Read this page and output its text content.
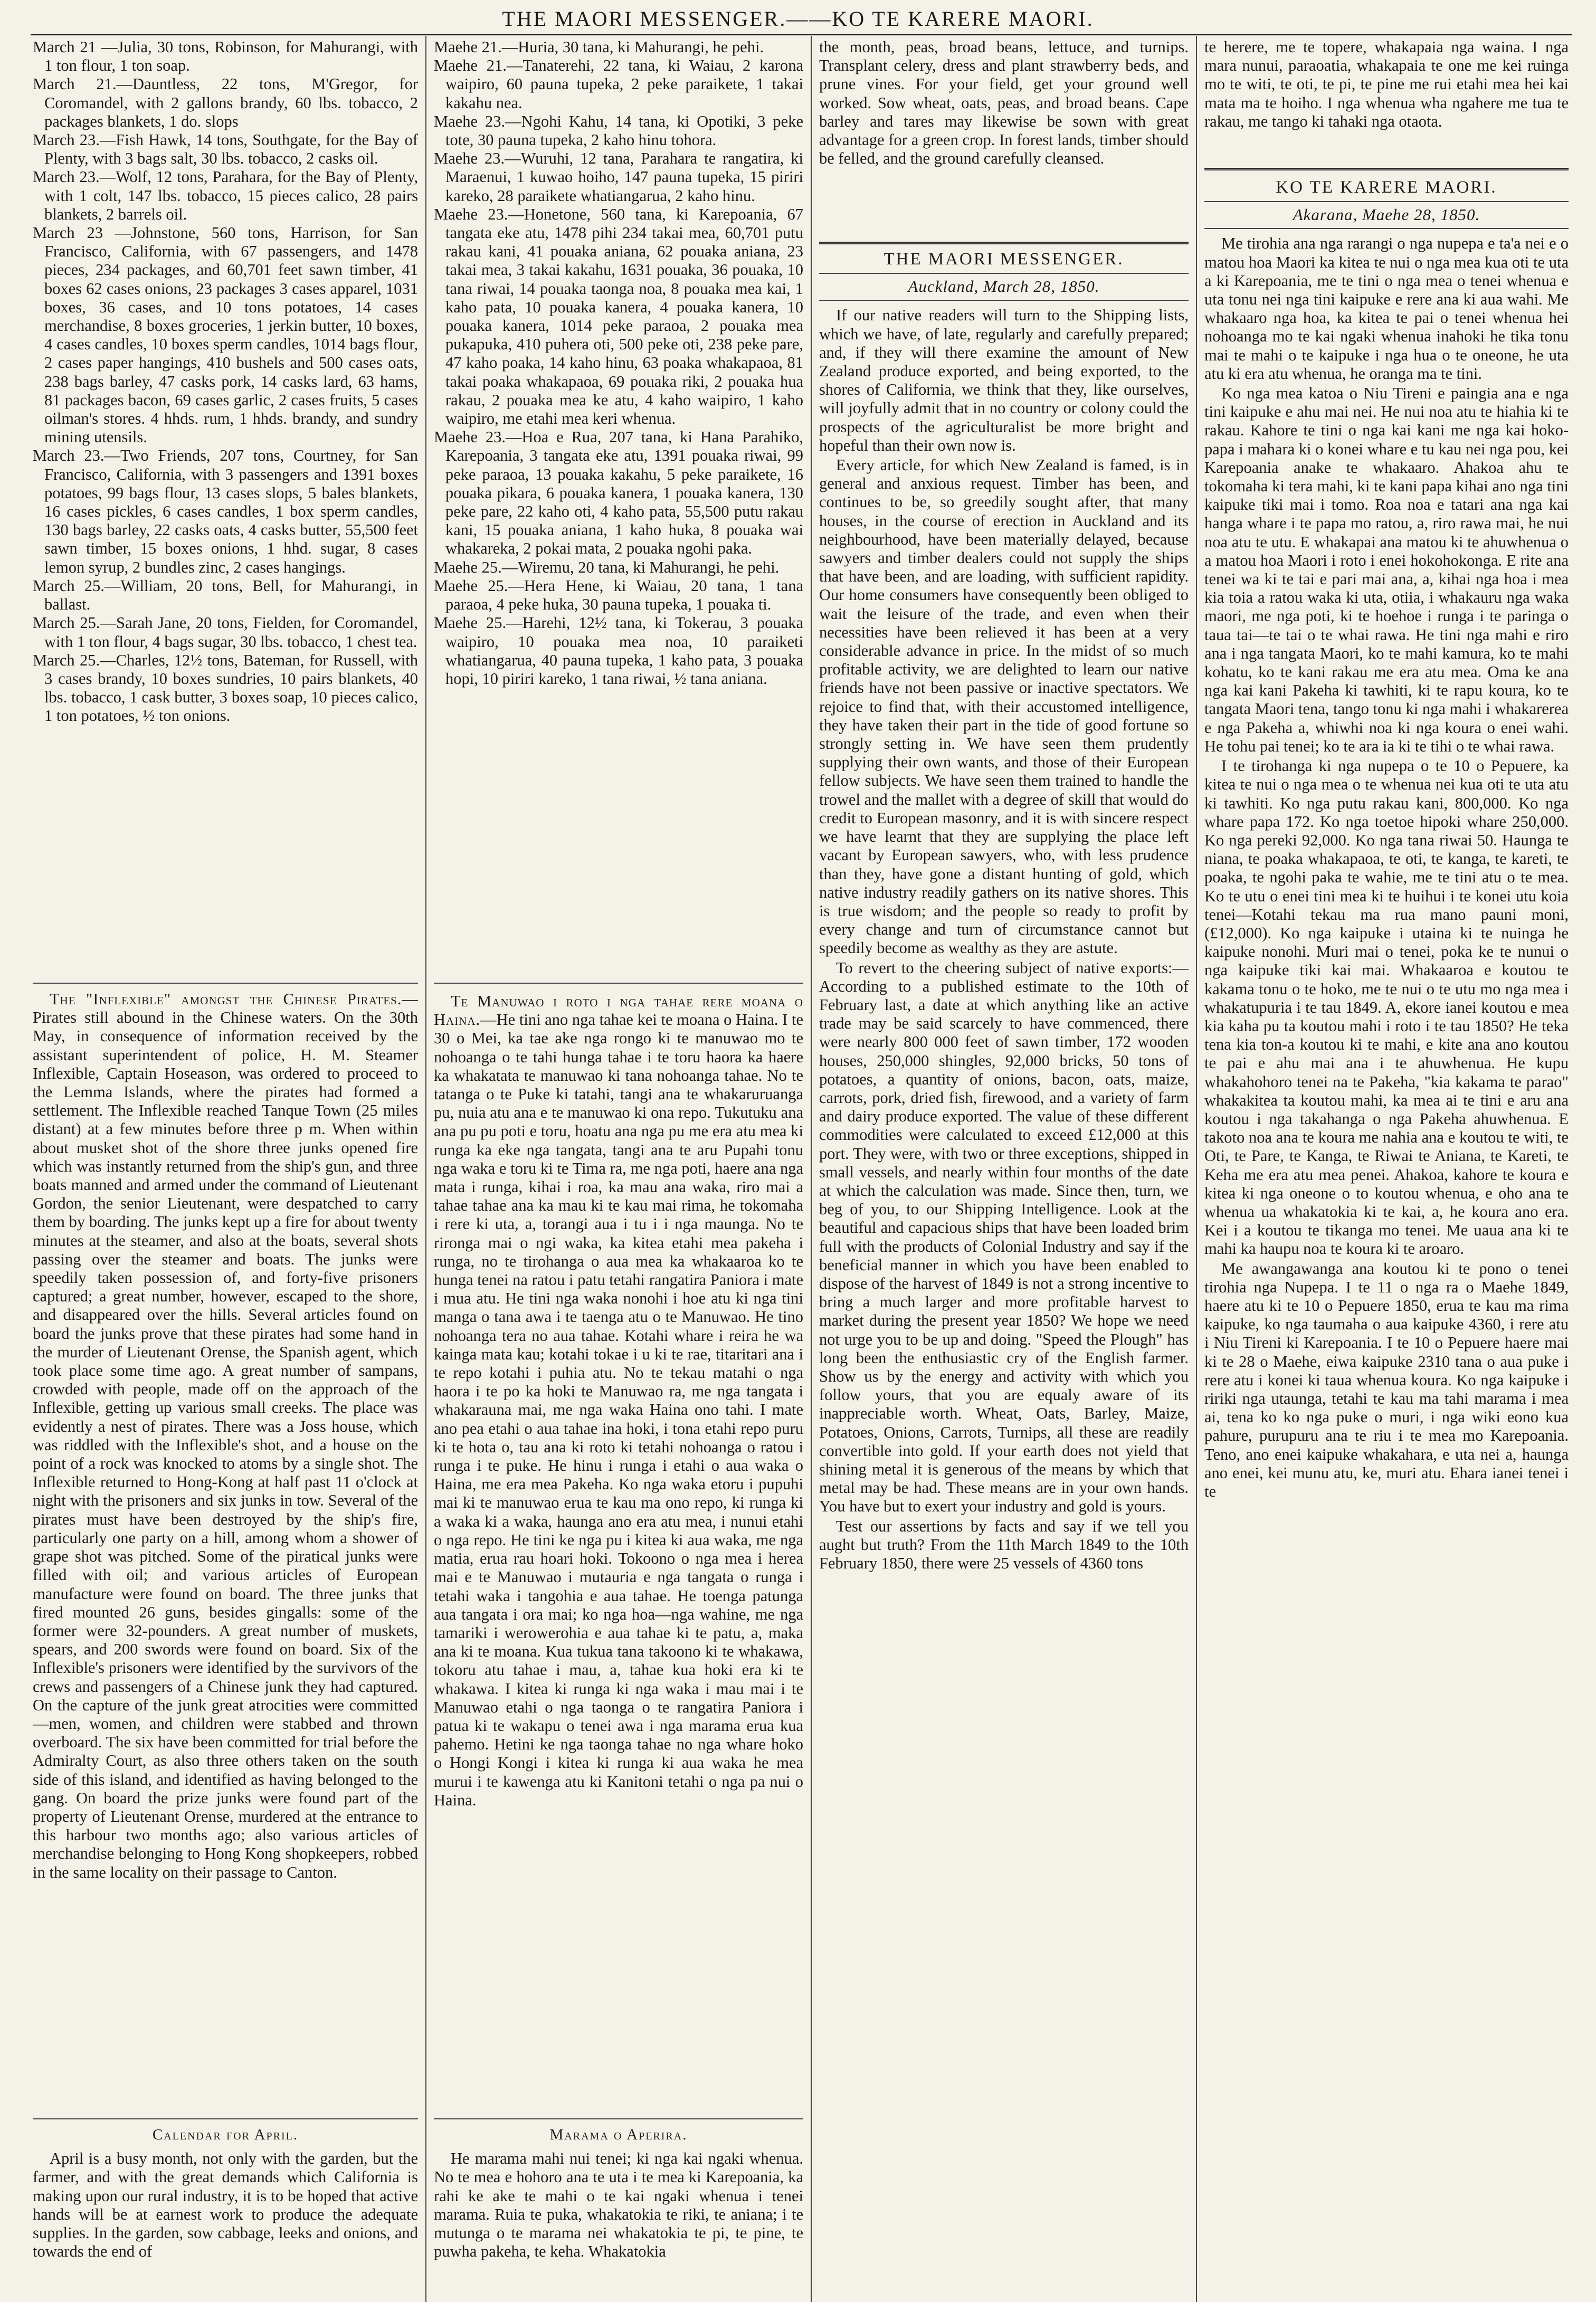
THE MAORI MESSENGER.——KO TE KARERE MAORI.

March 21 —Julia, 30 tons, Robinson, for Mahurangi, with 1 ton flour, 1 ton soap.

March 21.—Dauntless, 22 tons, M'Gregor, for Coromandel, with 2 gallons brandy, 60 lbs. tobacco, 2 packages blankets, 1 do. slops

March 23.—Fish Hawk, 14 tons, Southgate, for the Bay of Plenty, with 3 bags salt, 30 lbs. tobacco, 2 casks oil.

March 23.—Wolf, 12 tons, Parahara, for the Bay of Plenty, with 1 colt, 147 lbs. tobacco, 15 pieces calico, 28 pairs blankets, 2 barrels oil.

March 23 —Johnstone, 560 tons, Harrison, for San Francisco, California, with 67 passengers, and 1478 pieces, 234 packages, and 60,701 feet sawn timber, 41 boxes 62 cases onions, 23 packages 3 cases apparel, 1031 boxes, 36 cases, and 10 tons potatoes, 14 cases merchandise, 8 boxes groceries, 1 jerkin butter, 10 boxes, 4 cases candles, 10 boxes sperm candles, 1014 bags flour, 2 cases paper hangings, 410 bushels and 500 cases oats, 238 bags barley, 47 casks pork, 14 casks lard, 63 hams, 81 packages bacon, 69 cases garlic, 2 cases fruits, 5 cases oilman's stores. 4 hhds. rum, 1 hhds. brandy, and sundry mining utensils.

March 23.—Two Friends, 207 tons, Courtney, for San Francisco, California, with 3 passengers and 1391 boxes potatoes, 99 bags flour, 13 cases slops, 5 bales blankets, 16 cases pickles, 6 cases candles, 1 box sperm candles, 130 bags barley, 22 casks oats, 4 casks butter, 55,500 feet sawn timber, 15 boxes onions, 1 hhd. sugar, 8 cases lemon syrup, 2 bundles zinc, 2 cases hangings.

March 25.—William, 20 tons, Bell, for Mahurangi, in ballast.

March 25.—Sarah Jane, 20 tons, Fielden, for Coromandel, with 1 ton flour, 4 bags sugar, 30 lbs. tobacco, 1 chest tea.

March 25.—Charles, 12½ tons, Bateman, for Russell, with 3 cases brandy, 10 boxes sundries, 10 pairs blankets, 40 lbs. tobacco, 1 cask butter, 3 boxes soap, 10 pieces calico, 1 ton potatoes, ½ ton onions.

The "Inflexible" amongst the Chinese Pirates.—Pirates still abound in the Chinese waters. On the 30th May, in consequence of information received by the assistant superintendent of police, H. M. Steamer Inflexible, Captain Hoseason, was ordered to proceed to the Lemma Islands, where the pirates had formed a settlement. The Inflexible reached Tanque Town (25 miles distant) at a few minutes before three p m. When within about musket shot of the shore three junks opened fire which was instantly returned from the ship's gun, and three boats manned and armed under the command of Lieutenant Gordon, the senior Lieutenant, were despatched to carry them by boarding. The junks kept up a fire for about twenty minutes at the steamer, and also at the boats, several shots passing over the steamer and boats. The junks were speedily taken possession of, and forty-five prisoners captured; a great number, however, escaped to the shore, and disappeared over the hills. Several articles found on board the junks prove that these pirates had some hand in the murder of Lieutenant Orense, the Spanish agent, which took place some time ago. A great number of sampans, crowded with people, made off on the approach of the Inflexible, getting up various small creeks. The place was evidently a nest of pirates. There was a Joss house, which was riddled with the Inflexible's shot, and a house on the point of a rock was knocked to atoms by a single shot. The Inflexible returned to Hong-Kong at half past 11 o'clock at night with the prisoners and six junks in tow. Several of the pirates must have been destroyed by the ship's fire, particularly one party on a hill, among whom a shower of grape shot was pitched. Some of the piratical junks were filled with oil; and various articles of European manufacture were found on board. The three junks that fired mounted 26 guns, besides gingalls: some of the former were 32-pounders. A great number of muskets, spears, and 200 swords were found on board. Six of the Inflexible's prisoners were identified by the survivors of the crews and passengers of a Chinese junk they had captured. On the capture of the junk great atrocities were committed—men, women, and children were stabbed and thrown overboard. The six have been committed for trial before the Admiralty Court, as also three others taken on the south side of this island, and identified as having belonged to the gang. On board the prize junks were found part of the property of Lieutenant Orense, murdered at the entrance to this harbour two months ago; also various articles of merchandise belonging to Hong Kong shopkeepers, robbed in the same locality on their passage to Canton.

Calendar for April.

April is a busy month, not only with the garden, but the farmer, and with the great demands which California is making upon our rural industry, it is to be hoped that active hands will be at earnest work to produce the adequate supplies. In the garden, sow cabbage, leeks and onions, and towards the end of

Maehe 21.—Huria, 30 tana, ki Mahurangi, he pehi.

Maehe 21.—Tanaterehi, 22 tana, ki Waiau, 2 karona waipiro, 60 pauna tupeka, 2 peke paraikete, 1 takai kakahu nea.

Maehe 23.—Ngohi Kahu, 14 tana, ki Opotiki, 3 peke tote, 30 pauna tupeka, 2 kaho hinu tohora.

Maehe 23.—Wuruhi, 12 tana, Parahara te rangatira, ki Maraenui, 1 kuwao hoiho, 147 pauna tupeka, 15 piriri kareko, 28 paraikete whatiangarua, 2 kaho hinu.

Maehe 23.—Honetone, 560 tana, ki Karepoania, 67 tangata eke atu, 1478 pihi 234 takai mea, 60,701 putu rakau kani, 41 pouaka aniana, 62 pouaka aniana, 23 takai mea, 3 takai kakahu, 1631 pouaka, 36 pouaka, 10 tana riwai, 14 pouaka taonga noa, 8 pouaka mea kai, 1 kaho pata, 10 pouaka kanera, 4 pouaka kanera, 10 pouaka kanera, 1014 peke paraoa, 2 pouaka mea pukapuka, 410 puhera oti, 500 peke oti, 238 peke pare, 47 kaho poaka, 14 kaho hinu, 63 poaka whakapaoa, 81 takai poaka whakapaoa, 69 pouaka riki, 2 pouaka hua rakau, 2 pouaka mea ke atu, 4 kaho waipiro, 1 kaho waipiro, me etahi mea keri whenua.

Maehe 23.—Hoa e Rua, 207 tana, ki Hana Parahiko, Karepoania, 3 tangata eke atu, 1391 pouaka riwai, 99 peke paraoa, 13 pouaka kakahu, 5 peke paraikete, 16 pouaka pikara, 6 pouaka kanera, 1 pouaka kanera, 130 peke pare, 22 kaho oti, 4 kaho pata, 55,500 putu rakau kani, 15 pouaka aniana, 1 kaho huka, 8 pouaka wai whakareka, 2 pokai mata, 2 pouaka ngohi paka.

Maehe 25.—Wiremu, 20 tana, ki Mahurangi, he pehi.

Maehe 25.—Hera Hene, ki Waiau, 20 tana, 1 tana paraoa, 4 peke huka, 30 pauna tupeka, 1 pouaka ti.

Maehe 25.—Harehi, 12½ tana, ki Tokerau, 3 pouaka waipiro, 10 pouaka mea noa, 10 paraiketi whatiangarua, 40 pauna tupeka, 1 kaho pata, 3 pouaka hopi, 10 piriri kareko, 1 tana riwai, ½ tana aniana.

Te Manuwao i roto i nga tahae rere moana o Haina.—He tini ano nga tahae kei te moana o Haina. I te 30 o Mei, ka tae ake nga rongo ki te manuwao mo te nohoanga o te tahi hunga tahae i te toru haora ka haere ka whakatata te manuwao ki tana nohoanga tahae. No te tatanga o te Puke ki tatahi, tangi ana te whakaruruanga pu, nuia atu ana e te manuwao ki ona repo. Tukutuku ana ana pu pu poti e toru, hoatu ana nga pu me era atu mea ki runga ka eke nga tangata, tangi ana te aru Pupahi tonu nga waka e toru ki te Tima ra, me nga poti, haere ana nga mata i runga, kihai i roa, ka mau ana waka, riro mai a tahae tahae ana ka mau ki te kau mai rima, he tokomaha i rere ki uta, a, torangi aua i tu i i nga maunga. No te rironga mai o ngi waka, ka kitea etahi mea pakeha i runga, no te tirohanga o aua mea ka whakaaroa ko te hunga tenei na ratou i patu tetahi rangatira Paniora i mate i mua atu. He tini nga waka nonohi i hoe atu ki nga tini manga o tana awa i te taenga atu o te Manuwao. He tino nohoanga tera no aua tahae. Kotahi whare i reira he wa kainga mata kau; kotahi tokae i u ki te rae, titaritari ana i te repo kotahi i puhia atu. No te tekau matahi o nga haora i te po ka hoki te Manuwao ra, me nga tangata i whakarauna mai, me nga waka Haina ono tahi. I mate ano pea etahi o aua tahae ina hoki, i tona etahi repo puru ki te hota o, tau ana ki roto ki tetahi nohoanga o ratou i runga i te puke. He hinu i runga i etahi o aua waka o Haina, me era mea Pakeha. Ko nga waka etoru i pupuhi mai ki te manuwao erua te kau ma ono repo, ki runga ki a waka ki a waka, haunga ano era atu mea, i nunui etahi o nga repo. He tini ke nga pu i kitea ki aua waka, me nga matia, erua rau hoari hoki. Tokoono o nga mea i herea mai e te Manuwao i mutauria e nga tangata o runga i tetahi waka i tangohia e aua tahae. He toenga patunga aua tangata i ora mai; ko nga hoa—nga wahine, me nga tamariki i werowerohia e aua tahae ki te patu, a, maka ana ki te moana. Kua tukua tana takoono ki te whakawa, tokoru atu tahae i mau, a, tahae kua hoki era ki te whakawa. I kitea ki runga ki nga waka i mau mai i te Manuwao etahi o nga taonga o te rangatira Paniora i patua ki te wakapu o tenei awa i nga marama erua kua pahemo. Hetini ke nga taonga tahae no nga whare hoko o Hongi Kongi i kitea ki runga ki aua waka he mea murui i te kawenga atu ki Kanitoni tetahi o nga pa nui o Haina.

Marama o Aperira.

He marama mahi nui tenei; ki nga kai ngaki whenua. No te mea e hohoro ana te uta i te mea ki Karepoania, ka rahi ke ake te mahi o te kai ngaki whenua i tenei marama. Ruia te puka, whakatokia te riki, te aniana; i te mutunga o te marama nei whakatokia te pi, te pine, te puwha pakeha, te keha. Whakatokia

the month, peas, broad beans, lettuce, and turnips. Transplant celery, dress and plant strawberry beds, and prune vines. For your field, get your ground well worked. Sow wheat, oats, peas, and broad beans. Cape barley and tares may likewise be sown with great advantage for a green crop. In forest lands, timber should be felled, and the ground carefully cleansed.

THE MAORI MESSENGER.
Auckland, March 28, 1850.

If our native readers will turn to the Shipping lists, which we have, of late, regularly and carefully prepared; and, if they will there examine the amount of New Zealand produce exported, and being exported, to the shores of California, we think that they, like ourselves, will joyfully admit that in no country or colony could the prospects of the agriculturalist be more bright and hopeful than their own now is.

Every article, for which New Zealand is famed, is in general and anxious request. Timber has been, and continues to be, so greedily sought after, that many houses, in the course of erection in Auckland and its neighbourhood, have been materially delayed, because sawyers and timber dealers could not supply the ships that have been, and are loading, with sufficient rapidity. Our home consumers have consequently been obliged to wait the leisure of the trade, and even when their necessities have been relieved it has been at a very considerable advance in price. In the midst of so much profitable activity, we are delighted to learn our native friends have not been passive or inactive spectators. We rejoice to find that, with their accustomed intelligence, they have taken their part in the tide of good fortune so strongly setting in. We have seen them prudently supplying their own wants, and those of their European fellow subjects. We have seen them trained to handle the trowel and the mallet with a degree of skill that would do credit to European masonry, and it is with sincere respect we have learnt that they are supplying the place left vacant by European sawyers, who, with less prudence than they, have gone a distant hunting of gold, which native industry readily gathers on its native shores. This is true wisdom; and the people so ready to profit by every change and turn of circumstance cannot but speedily become as wealthy as they are astute.

To revert to the cheering subject of native exports:—According to a published estimate to the 10th of February last, a date at which anything like an active trade may be said scarcely to have commenced, there were nearly 800 000 feet of sawn timber, 172 wooden houses, 250,000 shingles, 92,000 bricks, 50 tons of potatoes, a quantity of onions, bacon, oats, maize, carrots, pork, dried fish, firewood, and a variety of farm and dairy produce exported. The value of these different commodities were calculated to exceed £12,000 at this port. They were, with two or three exceptions, shipped in small vessels, and nearly within four months of the date at which the calculation was made. Since then, turn, we beg of you, to our Shipping Intelligence. Look at the beautiful and capacious ships that have been loaded brim full with the products of Colonial Industry and say if the beneficial manner in which you have been enabled to dispose of the harvest of 1849 is not a strong incentive to bring a much larger and more profitable harvest to market during the present year 1850? We hope we need not urge you to be up and doing. "Speed the Plough" has long been the enthusiastic cry of the English farmer. Show us by the energy and activity with which you follow yours, that you are equaly aware of its inappreciable worth. Wheat, Oats, Barley, Maize, Potatoes, Onions, Carrots, Turnips, all these are readily convertible into gold. If your earth does not yield that shining metal it is generous of the means by which that metal may be had. These means are in your own hands. You have but to exert your industry and gold is yours.

Test our assertions by facts and say if we tell you aught but truth? From the 11th March 1849 to the 10th February 1850, there were 25 vessels of 4360 tons

te herere, me te topere, whakapaia nga waina. I nga mara nunui, paraoatia, whakapaia te one me kei ruinga mo te witi, te oti, te pi, te pine me rui etahi mea hei kai mata ma te hoiho. I nga whenua wha ngahere me tua te rakau, me tango ki tahaki nga otaota.

KO TE KARERE MAORI.
Akarana, Maehe 28, 1850.

Me tirohia ana nga rarangi o nga nupepa e ta'a nei e o matou hoa Maori ka kitea te nui o nga mea kua oti te uta a ki Karepoania, me te tini o nga mea o tenei whenua e uta tonu nei nga tini kaipuke e rere ana ki aua wahi. Me whakaaro nga hoa, ka kitea te pai o tenei whenua hei nohoanga mo te kai ngaki whenua inahoki he tika tonu mai te mahi o te kaipuke i nga hua o te oneone, he uta atu ki era atu whenua, he oranga ma te tini.

Ko nga mea katoa o Niu Tireni e paingia ana e nga tini kaipuke e ahu mai nei. He nui noa atu te hiahia ki te rakau. Kahore te tini o nga kai kani me nga kai hoko-papa i mahara ki o konei whare e tu kau nei nga pou, kei Karepoania anake te whakaaro. Ahakoa ahu te tokomaha ki tera mahi, ki te kani papa kihai ano nga tini kaipuke tiki mai i tomo. Roa noa e tatari ana nga kai hanga whare i te papa mo ratou, a, riro rawa mai, he nui noa atu te utu. E whakapai ana matou ki te ahuwhenua o a matou hoa Maori i roto i enei hokohokonga. E rite ana tenei wa ki te tai e pari mai ana, a, kihai nga hoa i mea kia toia a ratou waka ki uta, otiia, i whakauru nga waka maori, me nga poti, ki te hoehoe i runga i te paringa o taua tai—te tai o te whai rawa. He tini nga mahi e riro ana i nga tangata Maori, ko te mahi kamura, ko te mahi kohatu, ko te kani rakau me era atu mea. Oma ke ana nga kai kani Pakeha ki tawhiti, ki te rapu koura, ko te tangata Maori tena, tango tonu ki nga mahi i whakarerea e nga Pakeha a, whiwhi noa ki nga koura o enei wahi. He tohu pai tenei; ko te ara ia ki te tihi o te whai rawa.

I te tirohanga ki nga nupepa o te 10 o Pepuere, ka kitea te nui o nga mea o te whenua nei kua oti te uta atu ki tawhiti. Ko nga putu rakau kani, 800,000. Ko nga whare papa 172. Ko nga toetoe hipoki whare 250,000. Ko nga pereki 92,000. Ko nga tana riwai 50. Haunga te niana, te poaka whakapaoa, te oti, te kanga, te kareti, te poaka, te ngohi paka te wahie, me te tini atu o te mea. Ko te utu o enei tini mea ki te huihui i te konei utu koia tenei—Kotahi tekau ma rua mano pauni moni, (£12,000). Ko nga kaipuke i utaina ki te nuinga he kaipuke nonohi. Muri mai o tenei, poka ke te nunui o nga kaipuke tiki kai mai. Whakaaroa e koutou te kakama tonu o te hoko, me te nui o te utu mo nga mea i whakatupuria i te tau 1849. A, ekore ianei koutou e mea kia kaha pu ta koutou mahi i roto i te tau 1850? He teka tena kia ton-a koutou ki te mahi, e kite ana ano koutou te pai e ahu mai ana i te ahuwhenua. He kupu whakahohoro tenei na te Pakeha, "kia kakama te parao" whakakitea ta koutou mahi, ka mea ai te tini e aru ana koutou i nga takahanga o nga Pakeha ahuwhenua. E takoto noa ana te koura me nahia ana e koutou te witi, te Oti, te Pare, te Kanga, te Riwai te Aniana, te Kareti, te Keha me era atu mea penei. Ahakoa, kahore te koura e kitea ki nga oneone o to koutou whenua, e oho ana te whenua ua whakatokia ki te kai, a, he koura ano era. Kei i a koutou te tikanga mo tenei. Me uaua ana ki te mahi ka haupu noa te koura ki te aroaro.

Me awangawanga ana koutou ki te pono o tenei tirohia nga Nupepa. I te 11 o nga ra o Maehe 1849, haere atu ki te 10 o Pepuere 1850, erua te kau ma rima kaipuke, ko nga taumaha o aua kaipuke 4360, i rere atu i Niu Tireni ki Karepoania. I te 10 o Pepuere haere mai ki te 28 o Maehe, eiwa kaipuke 2310 tana o aua puke i rere atu i konei ki taua whenua koura. Ko nga kaipuke i ririki nga utaunga, tetahi te kau ma tahi marama i mea ai, tena ko ko nga puke o muri, i nga wiki eono kua pahure, purupuru ana te riu i te mea mo Karepoania. Teno, ano enei kaipuke whakahara, e uta nei a, haunga ano enei, kei munu atu, ke, muri atu. Ehara ianei tenei i te
